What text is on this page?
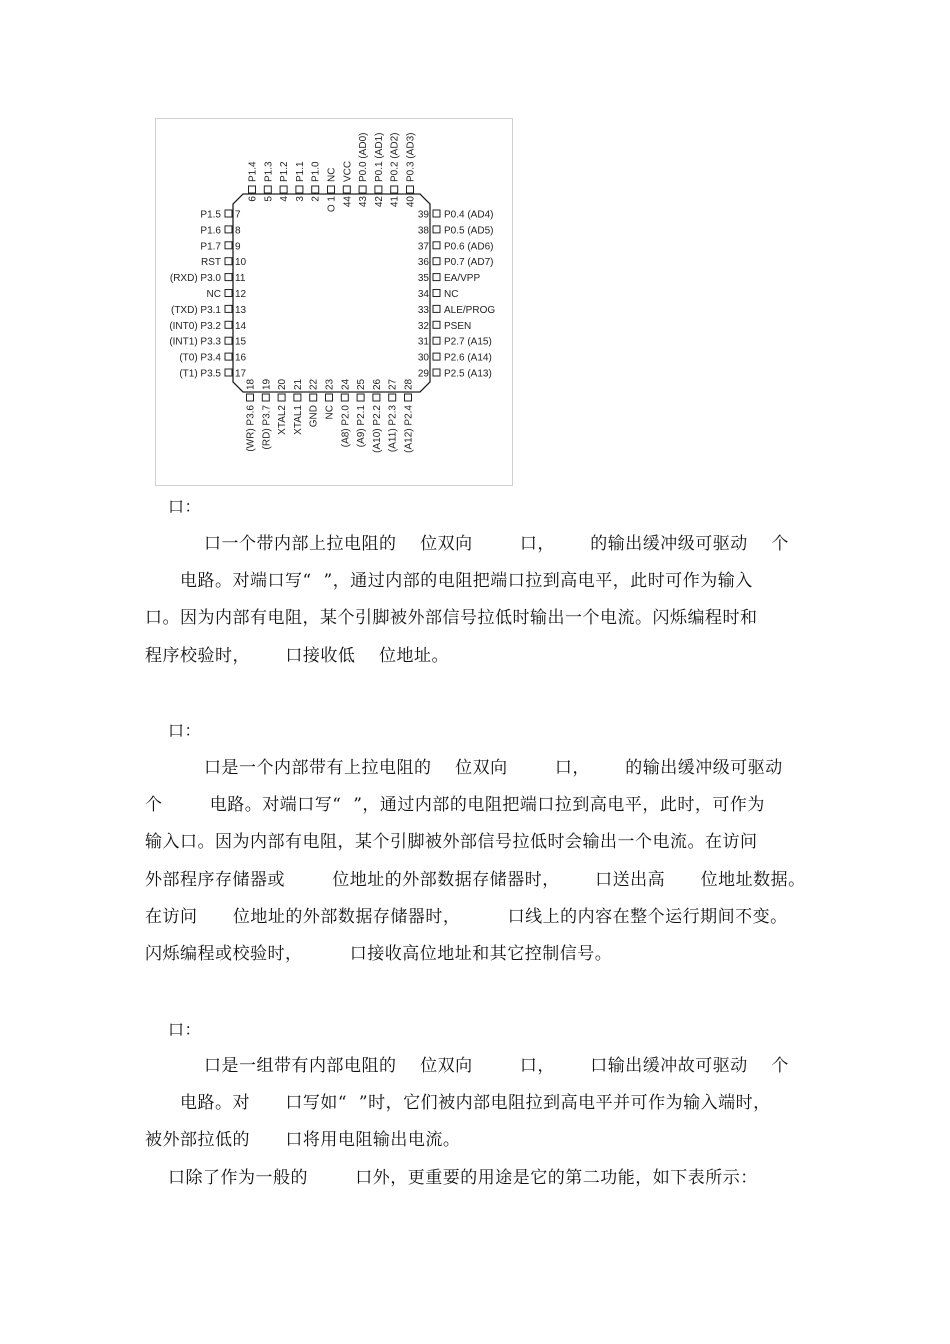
P1.5 7
P1.6 8
P1.7 9
RST 10
(RXD) P3.0 11
NC 12
(TXD) P3.1 13
(INT0) P3.2 14
(INT1) P3.3 15
(T0) P3.4 16
(T1) P3.5 17
39 P0.4 (AD4)
38 P0.5 (AD5)
37 P0.6 (AD6)
36 P0.7 (AD7)
35 EA/VPP
34 NC
33 ALE/PROG
32 PSEN
31 P2.7 (A15)
30 P2.6 (A14)
29 P2.5 (A13)
P1.4
6
P1.3
5
P1.2
4
P1.1
3
P1.0
2
NC
O 1
VCC
44
P0.0 (AD0)
43
P0.1 (AD1)
42
P0.2 (AD2)
41
P0.3 (AD3)
40
18
(WR) P3.6
19
(RD) P3.7
20
XTAL2
21
XTAL1
22
GND
23
NC
24
(A8) P2.0
25
(A9) P2.1
26
(A10) P2.2
27
(A11) P2.3
28
(A12) P2.4
口：
口一个带内部上拉电阻的    位双向        口，      的输出缓冲级可驱动    个
电路。对端口写“  ”，通过内部的电阻把端口拉到高电平，此时可作为输入
口。因为内部有电阻，某个引脚被外部信号拉低时输出一个电流。闪烁编程时和
程序校验时，      口接收低    位地址。
口：
口是一个内部带有上拉电阻的    位双向        口，      的输出缓冲级可驱动
个        电路。对端口写“  ”，通过内部的电阻把端口拉到高电平，此时，可作为
输入口。因为内部有电阻，某个引脚被外部信号拉低时会输出一个电流。在访问
外部程序存储器或        位地址的外部数据存储器时，      口送出高      位地址数据。
在访问      位地址的外部数据存储器时，        口线上的内容在整个运行期间不变。
闪烁编程或校验时，        口接收高位地址和其它控制信号。
口：
口是一组带有内部电阻的    位双向        口，      口输出缓冲故可驱动    个
电路。对      口写如“  ”时，它们被内部电阻拉到高电平并可作为输入端时，
被外部拉低的      口将用电阻输出电流。
口除了作为一般的        口外，更重要的用途是它的第二功能，如下表所示：
